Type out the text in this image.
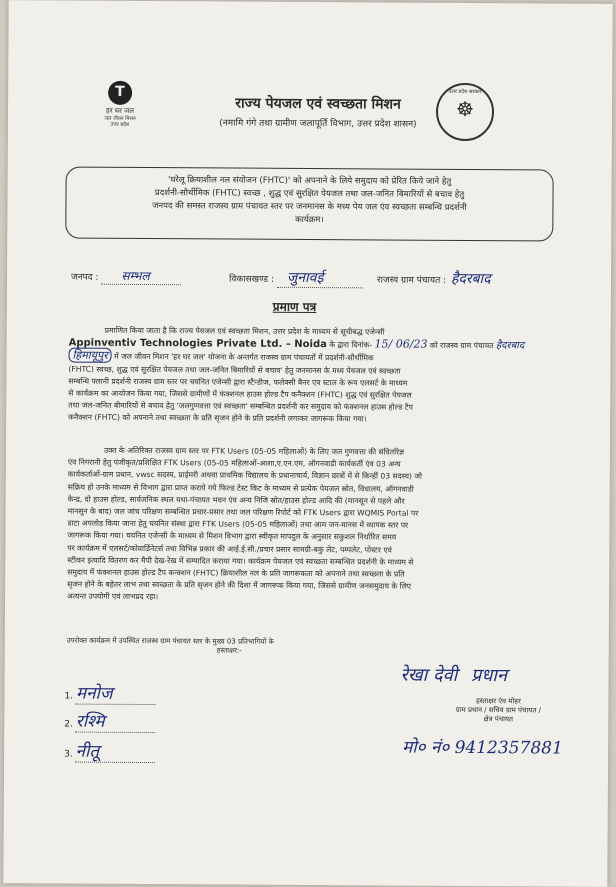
T
हर घर जल
जल जीवन मिशन
उत्तर प्रदेश
राज्य पेयजल एवं स्वच्छता मिशन
(नमामि गंगे तथा ग्रामीण जलापूर्ति विभाग, उत्तर प्रदेश शासन)
उत्तर प्रदेश सरकार
☸
'घरेलू क्रियाशील नल संयोजन (FHTC)' को अपनाने के लिये समुदाय को प्रेरित किये जाने हेतु
प्रदर्शनी-सौर्थीमिक (FHTC) स्वच्छ , शुद्ध एवं सुरक्षित पेयजल तथा जल-जनित बिमारियों से बचाव हेतु
जनपद की समस्त राजस्व ग्राम पंचायत स्तर पर जनमानस के मध्य पेय जल एंव स्वच्छता सम्बन्धि प्रदर्शनी
कार्यक्रम।
जनपद : सम्भल	विकासखण्ड : जुनावई	राजस्व ग्राम पंचायत : हैदरबाद
प्रमाण पत्र
प्रमाणित किया जाता है कि राज्य पेयजल एवं स्वच्छता मिशन, उत्तर प्रदेश के माध्यम से सूचीबद्ध एजेन्सी
Appinventiv Technologies Private Ltd. – Noida के द्वारा दिनांक- 15/ 06/23 को राजस्व ग्राम पंचायत हैदरबाद
हिमायूपुर में जल जीवन मिशन 'हर घर जल' योजना के अन्तर्गत राजस्व ग्राम पंचायतों में प्रदर्शनी-सौर्थीमिक
(FHTC) स्वच्छ, शुद्ध एवं सुरक्षित पेयजल तथा जल-जनित बिमारियों से बचाव' हेतु जनमानस के मध्य पेयजल एवं स्वच्छता
सम्बन्धि फ्लानी प्रदर्शनी राजस्व ग्राम स्तर पर चयनित एजेन्सी द्वारा स्टैन्डीज, फलेक्सी बैनर एव स्टाल के रूप एलसर्ट के माध्यम
से कार्यक्रम का आयोजन किया गया, जिससे ग्रामीणों में फंक्शनल हाउस होल्ड टैप कनैक्शन (FHTC) शुद्ध एवं सुरक्षित पेयजल
तथा जल-जनित बीमारियों से बचाव हेतु 'जलगुणवत्ता एवं स्वच्छता' सम्बन्धित प्रदर्शनी कर समुदाय को फंक्शनल हाउस होल्ड टैप
कनैक्शन (FHTC) को अपनाने तथा स्वच्छता के प्रति सृजन होने के प्रति प्रदर्शनी लगाकर जागरूक किया गया।
उक्त के अतिरिक्त राजस्व ग्राम स्तर पर FTK Users (05-05 महिलाओं) के लिए जल गुणवत्ता की संवितरिज्ञ
एंव निगरानी हेतु पंजीकृत/प्रशिक्षित FTK Users (05-05 महिलाओं-आशा,ए.एन.एम, ऑगनवाडी कार्यकर्ती एंव 03 अन्य
कार्यकर्ताओं-ग्राम प्रधान, vwsc सदस्य, प्राईमरी अथवा प्राथमिक विद्यालय के प्रधानाचार्य, विज्ञान छात्रों में से किन्हीं 03 सदस्य) जो
सक्रिय हो उनके माध्यम से विभाग द्वारा प्राप्त कराये गये फिल्ड टेस्ट किट के माध्यम से प्रत्येक पेयजल स्रोत, विधालय, ऑगनवाडी
केन्द्र, दो हाउस होल्ड, सार्वजनिक स्थल यथा-पंचायत भवन एंव अन्य निजि स्रोत/हाउस होल्ड आदि की (मानसून से पहले और
मानसून के बाद) जल जांच परिक्षण सम्बन्धित प्रचार-प्रसार तथा जल परिक्षण रिपोर्ट को FTK Users द्वारा WQMIS Portal पर
डाटा अपलोड किया जाना हेतु चयनित संस्था द्वारा FTK Users (05-05 महिलाओं) तथा आम जन-मानस में व्यापक स्तर पर
जागरूक किया गया। चयनित एजेन्सी के माध्यम से मिशन विभाग द्वारा स्वीकृत मापदुल के अनुसार सकुशल निर्धारित समय
पर कार्यक्रम में एलसर्ट/कोवार्डिनेटर्स तथा विभिन्न प्रकार की आई.ई.सी./प्रचार प्रसार सामग्री-बकु लेट, पम्पलेट, पोस्टर एवं
स्टीकर इत्यादि वितरण कर मैपी देख-रेख में सम्पादित कराया गया। कार्यक्रम पेयजल एवं स्वच्छता सम्बन्धित प्रदर्शनी के माध्यम से
समुदाय में फंक्शनल हाउस होल्ड टैप कन्क्शन (FHTC) क्रियाशील नल के प्रति जागरूकता को अपनाने तथा स्वच्छता के प्रति
सृजन होने के बहेतर लाभ तथा स्वच्छता के प्रति सृजन होने की दिशा में जागरूक किया गया, जिससे ग्रामीण जनसमुदाय के लिए
अत्यन्त उपयोगी एवं लाभप्रद रहा।
उपरोक्त कार्यक्रम में उपस्थित राजस्व ग्राम पंचायत स्तर के मुख्य 03 प्रतिभागियों के
हस्ताक्षर:-
1. मनोज
2. रश्मि
3. नीतू
रेखा देवी प्रधान
हस्ताक्षर एंव मोहर
ग्राम प्रधान / सचिव ग्राम पंचायत /
क्षेत्र पंचायत
मो० नं० 9412357881
